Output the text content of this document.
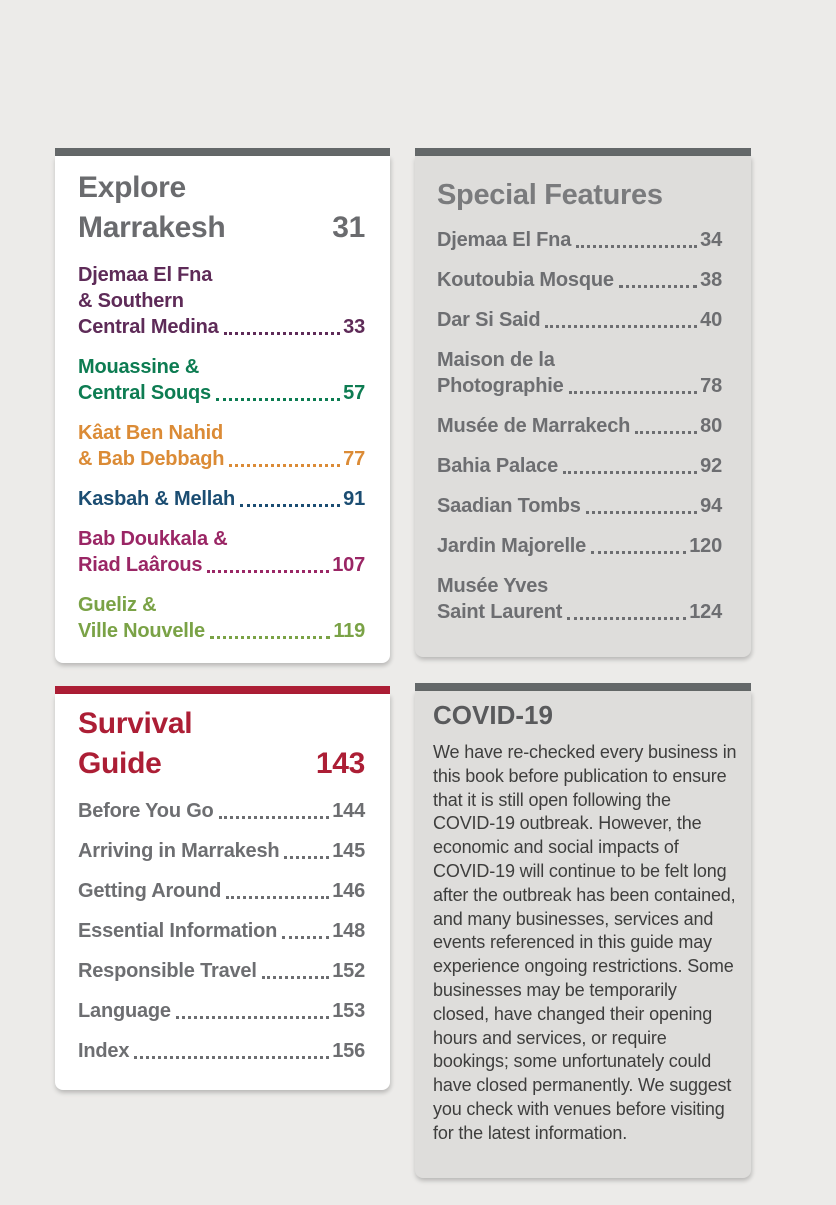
Explore
Marrakesh	31
Djemaa El Fna
& Southern
Central Medina	33
Mouassine &
Central Souqs	57
Kâat Ben Nahid
& Bab Debbagh	77
Kasbah & Mellah	91
Bab Doukkala &
Riad Laârous	107
Gueliz &
Ville Nouvelle	119
Special Features
Djemaa El Fna	34
Koutoubia Mosque	38
Dar Si Said	40
Maison de la
Photographie	78
Musée de Marrakech	80
Bahia Palace	92
Saadian Tombs	94
Jardin Majorelle	120
Musée Yves
Saint Laurent	124
Survival
Guide	143
Before You Go	144
Arriving in Marrakesh	145
Getting Around	146
Essential Information	148
Responsible Travel	152
Language	153
Index	156
COVID-19
We have re-checked every business in this book before publication to ensure that it is still open following the COVID-19 outbreak. However, the economic and social impacts of COVID-19 will continue to be felt long after the outbreak has been contained, and many businesses, services and events referenced in this guide may experience ongoing restrictions. Some businesses may be temporarily closed, have changed their opening hours and services, or require bookings; some unfortunately could have closed permanently. We suggest you check with venues before visiting for the latest information.
